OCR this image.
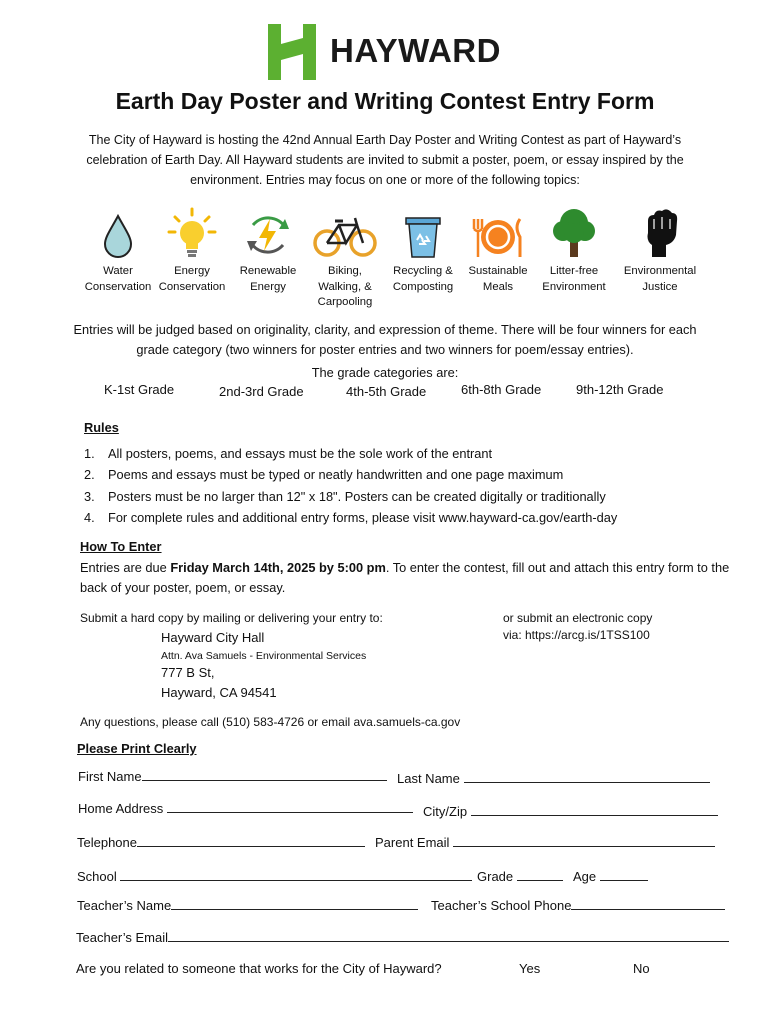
HAYWARD
Earth Day Poster and Writing Contest Entry Form
The City of Hayward is hosting the 42nd Annual Earth Day Poster and Writing Contest as part of Hayward’s celebration of Earth Day. All Hayward students are invited to submit a poster, poem, or essay inspired by the environment. Entries may focus on one or more of the following topics:
Water
Conservation
Energy
Conservation
Renewable
Energy
Biking,
Walking, &
Carpooling
Recycling &
Composting
Sustainable
Meals
Litter-free
Environment
Environmental
Justice
Entries will be judged based on originality, clarity, and expression of theme. There will be four winners for each grade category (two winners for poster entries and two winners for poem/essay entries).
The grade categories are:
K-1st Grade	2nd-3rd Grade	4th-5th Grade	6th-8th Grade	9th-12th Grade
Rules
1.	All posters, poems, and essays must be the sole work of the entrant
2.	Poems and essays must be typed or neatly handwritten and one page maximum
3.	Posters must be no larger than 12" x 18". Posters can be created digitally or traditionally
4.	For complete rules and additional entry forms, please visit www.hayward-ca.gov/earth-day
How To Enter
Entries are due Friday March 14th, 2025 by 5:00 pm. To enter the contest, fill out and attach this entry form to the back of your poster, poem, or essay.
Submit a hard copy by mailing or delivering your entry to:	or submit an electronic copy
via: https://arcg.is/1TSS100
Hayward City Hall
Attn. Ava Samuels - Environmental Services
777 B St,
Hayward, CA 94541
Any questions, please call (510) 583-4726 or email ava.samuels-ca.gov
Please Print Clearly
First Name	Last Name
Home Address	City/Zip
Telephone	Parent Email
School	Grade	Age
Teacher’s Name	Teacher’s School Phone
Teacher’s Email
Are you related to someone that works for the City of Hayward?	Yes	No
